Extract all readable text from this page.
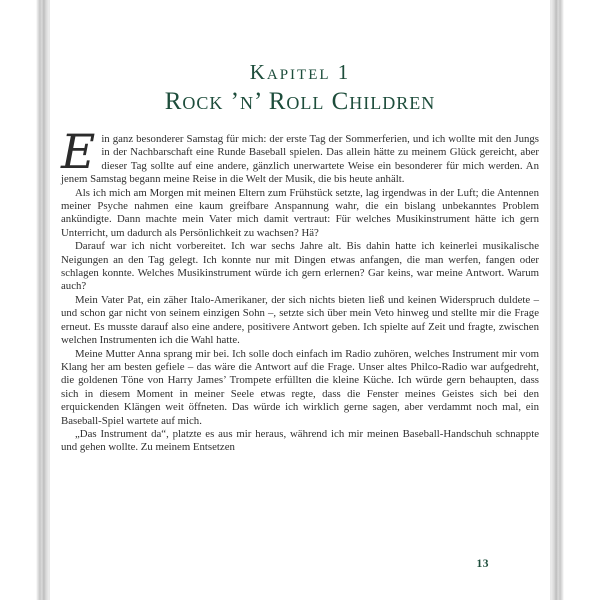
Kapitel 1
Rock ’n’ Roll Children

Ein ganz besonderer Samstag für mich: der erste Tag der Sommerferien, und ich wollte mit den Jungs in der Nachbarschaft eine Runde Baseball spielen. Das allein hätte zu meinem Glück gereicht, aber dieser Tag sollte auf eine andere, gänzlich unerwartete Weise ein besonderer für mich werden. An jenem Samstag begann meine Reise in die Welt der Musik, die bis heute anhält.

Als ich mich am Morgen mit meinen Eltern zum Frühstück setzte, lag irgendwas in der Luft; die Antennen meiner Psyche nahmen eine kaum greifbare Anspannung wahr, die ein bislang unbekanntes Problem ankündigte. Dann machte mein Vater mich damit vertraut: Für welches Musikinstrument hätte ich gern Unterricht, um dadurch als Persönlichkeit zu wachsen? Hä?

Darauf war ich nicht vorbereitet. Ich war sechs Jahre alt. Bis dahin hatte ich keinerlei musikalische Neigungen an den Tag gelegt. Ich konnte nur mit Dingen etwas anfangen, die man werfen, fangen oder schlagen konnte. Welches Musikinstrument würde ich gern erlernen? Gar keins, war meine Antwort. Warum auch?

Mein Vater Pat, ein zäher Italo-Amerikaner, der sich nichts bieten ließ und keinen Widerspruch duldete – und schon gar nicht von seinem einzigen Sohn –, setzte sich über mein Veto hinweg und stellte mir die Frage erneut. Es musste darauf also eine andere, positivere Antwort geben. Ich spielte auf Zeit und fragte, zwischen welchen Instrumenten ich die Wahl hatte.

Meine Mutter Anna sprang mir bei. Ich solle doch einfach im Radio zuhören, welches Instrument mir vom Klang her am besten gefiele – das wäre die Antwort auf die Frage. Unser altes Philco-Radio war aufgedreht, die goldenen Töne von Harry James’ Trompete erfüllten die kleine Küche. Ich würde gern behaupten, dass sich in diesem Moment in meiner Seele etwas regte, dass die Fenster meines Geistes sich bei den erquickenden Klängen weit öffneten. Das würde ich wirklich gerne sagen, aber verdammt noch mal, ein Baseball-Spiel wartete auf mich.

„Das Instrument da“, platzte es aus mir heraus, während ich mir meinen Baseball-Handschuh schnappte und gehen wollte. Zu meinem Entsetzen

13
